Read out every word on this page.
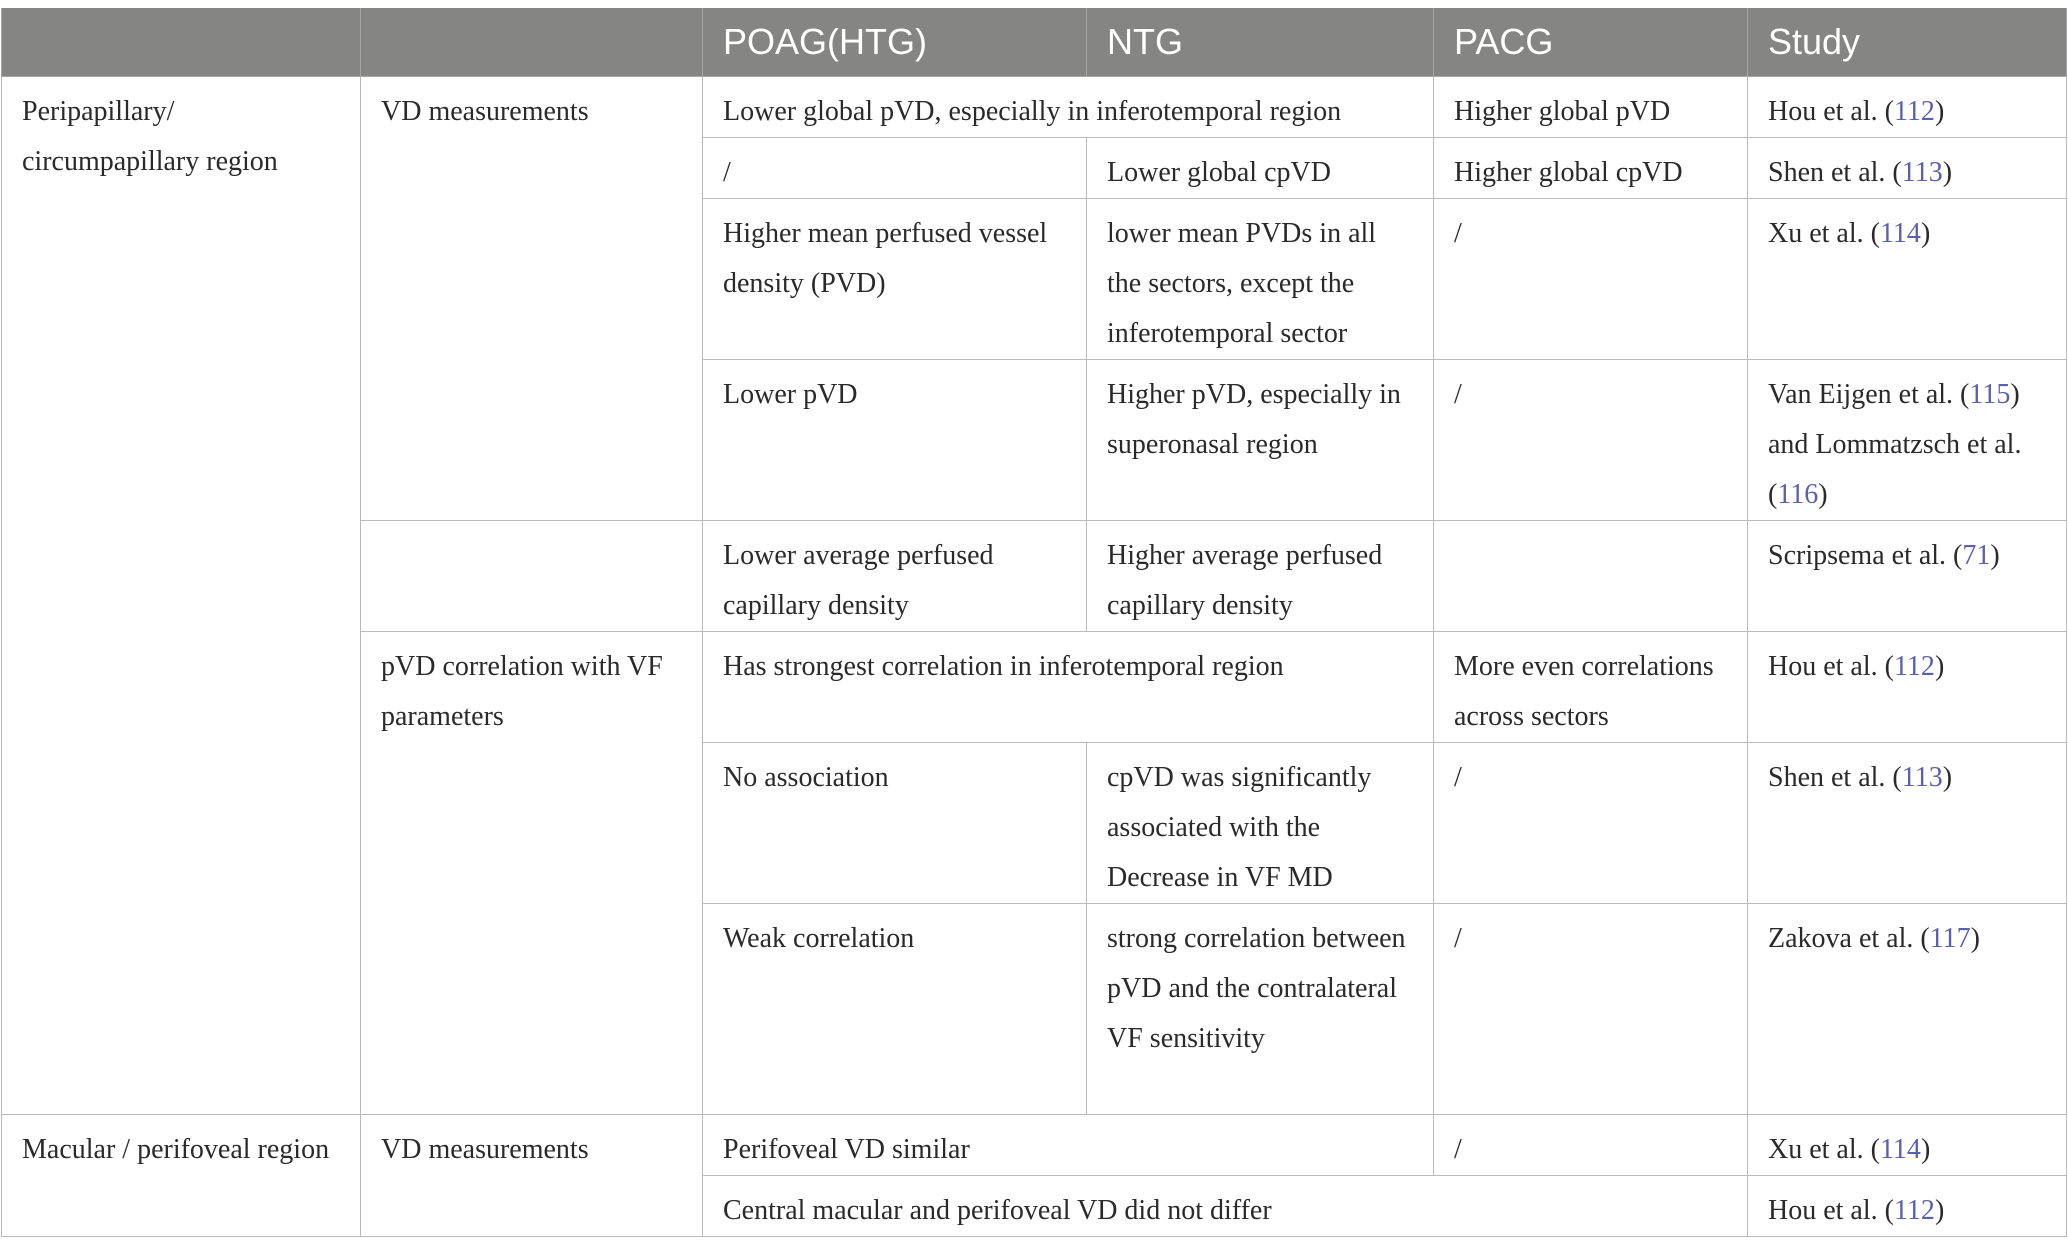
		POAG(HTG)	NTG	PACG	Study
Peripapillary/ circumpapillary region	VD measurements	Lower global pVD, especially in inferotemporal region		Higher global pVD	Hou et al. (112)
		/	Lower global cpVD	Higher global cpVD	Shen et al. (113)
		Higher mean perfused vessel density (PVD)	lower mean PVDs in all the sectors, except the inferotemporal sector	/	Xu et al. (114)
		Lower pVD	Higher pVD, especially in superonasal region	/	Van Eijgen et al. (115) and Lommatzsch et al. (116)
		Lower average perfused capillary density	Higher average perfused capillary density		Scripsema et al. (71)
	pVD correlation with VF parameters	Has strongest correlation in inferotemporal region		More even correlations across sectors	Hou et al. (112)
		No association	cpVD was significantly associated with the Decrease in VF MD	/	Shen et al. (113)
		Weak correlation	strong correlation between pVD and the contralateral VF sensitivity	/	Zakova et al. (117)
Macular / perifoveal region	VD measurements	Perifoveal VD similar		/	Xu et al. (114)
		Central macular and perifoveal VD did not differ			Hou et al. (112)
